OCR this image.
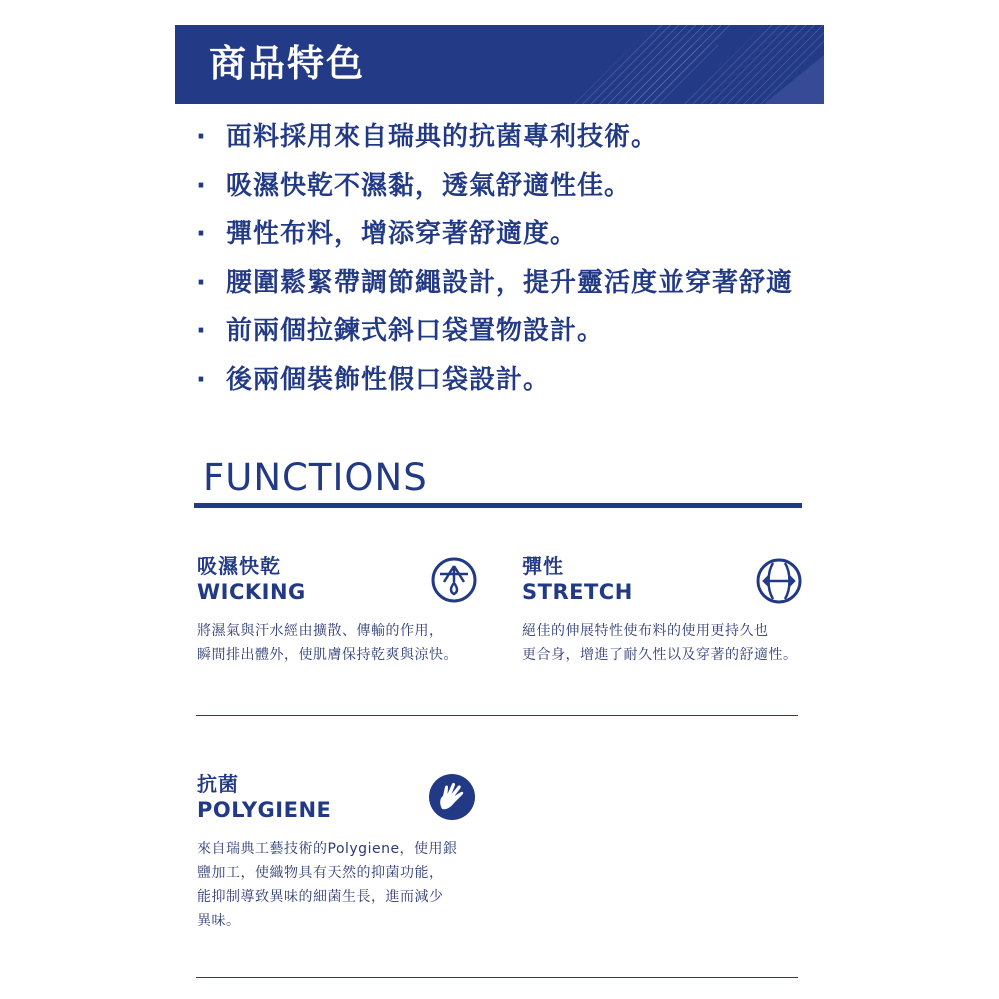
商品特色
· 面料採用來自瑞典的抗菌專利技術。
· 吸濕快乾不濕黏，透氣舒適性佳。
· 彈性布料，增添穿著舒適度。
· 腰圍鬆緊帶調節繩設計，提升靈活度並穿著舒適
· 前兩個拉鍊式斜口袋置物設計。
· 後兩個裝飾性假口袋設計。
FUNCTIONS
吸濕快乾
WICKING
將濕氣與汗水經由擴散、傳輸的作用，
瞬間排出體外，使肌膚保持乾爽與涼快。
彈性
STRETCH
絕佳的伸展特性使布料的使用更持久也
更合身，增進了耐久性以及穿著的舒適性。
抗菌
POLYGIENE
來自瑞典工藝技術的Polygiene，使用銀
鹽加工，使織物具有天然的抑菌功能，
能抑制導致異味的細菌生長，進而減少
異味。
